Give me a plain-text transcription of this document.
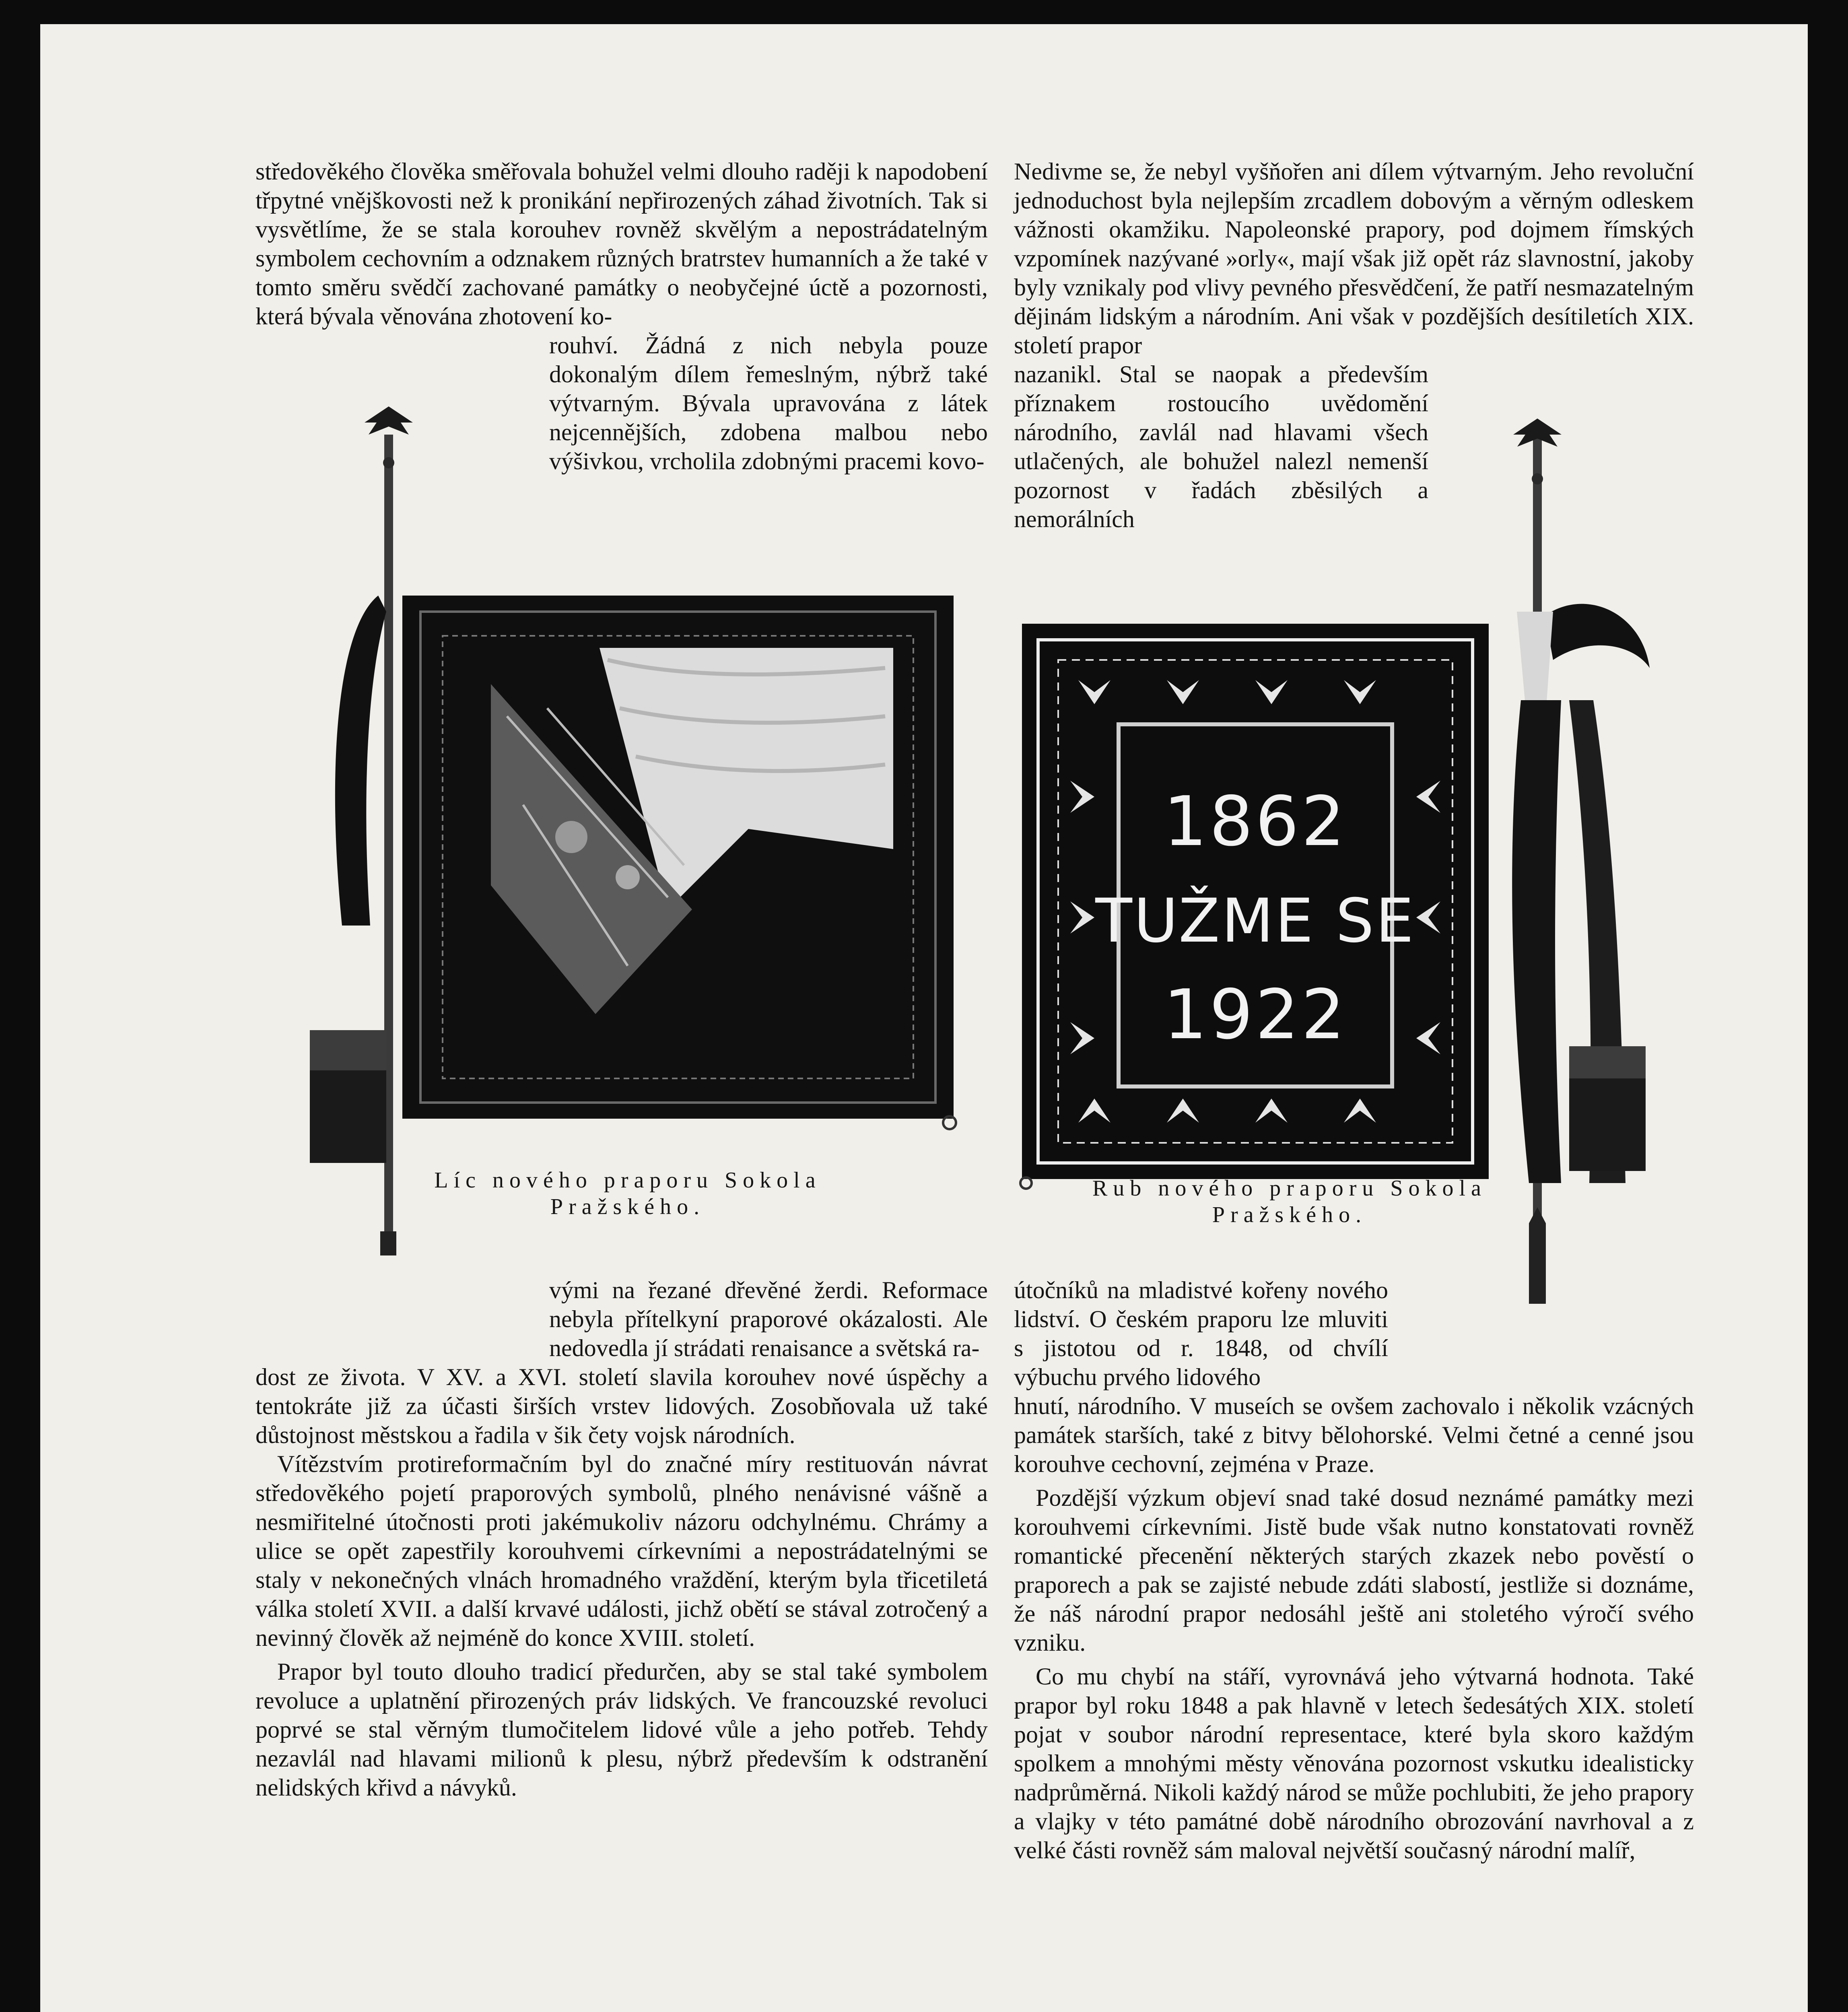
středověkého člověka směřovala bohužel velmi dlouho raději k napodobení třpytné vnějškovosti než k pronikání nepřirozených záhad životních. Tak si vysvětlíme, že se stala korouhev rovněž skvělým a nepostrádatelným symbolem cechovním a odznakem různých bratrstev humanních a že také v tomto směru svědčí zachované památky o neobyčejné úctě a pozornosti, která bývala věnována zhotovení ko-

rouhví. Žádná z nich nebyla pouze dokonalým dílem řemeslným, nýbrž také výtvarným. Bývala upravována z látek nejcennějších, zdobena malbou nebo výšivkou, vrcholila zdobnými pracemi kovo-

Nedivme se, že nebyl vyšňořen ani dílem výtvarným. Jeho revoluční jednoduchost byla nejlepším zrcadlem dobovým a věrným odleskem vážnosti okamžiku. Napoleonské prapory, pod dojmem římských vzpomínek nazývané »orly«, mají však již opět ráz slavnostní, jakoby byly vznikaly pod vlivy pevného přesvědčení, že patří nesmazatelným dějinám lidským a národním. Ani však v pozdějších desítiletích XIX. století prapor

nazanikl. Stal se naopak a především příznakem rostoucího uvědomění národního, zavlál nad hlavami všech utlačených, ale bohužel nalezl nemenší pozornost v řadách zběsilých a nemorálních

Líc nového praporu Sokola
Pražského.
1862
TUŽME SE
1922
Rub nového praporu Sokola
Pražského.

vými na řezané dřevěné žerdi. Reformace nebyla přítelkyní praporové okázalosti. Ale nedovedla jí strádati renaisance a světská ra-

dost ze života. V XV. a XVI. století slavila korouhev nové úspěchy a tentokráte již za účasti širších vrstev lidových. Zosobňovala už také důstojnost městskou a řadila v šik čety vojsk národních.

Vítězstvím protireformačním byl do značné míry restituován návrat středověkého pojetí praporových symbolů, plného nenávisné vášně a nesmiřitelné útočnosti proti jakémukoliv názoru odchylnému. Chrámy a ulice se opět zapestřily korouhvemi církevními a nepostrádatelnými se staly v nekonečných vlnách hromadného vraždění, kterým byla třicetiletá válka století XVII. a další krvavé události, jichž obětí se stával zotročený a nevinný člověk až nejméně do konce XVIII. století.

Prapor byl touto dlouho tradicí předurčen, aby se stal také symbolem revoluce a uplatnění přirozených práv lidských. Ve francouzské revoluci poprvé se stal věrným tlumočitelem lidové vůle a jeho potřeb. Tehdy nezavlál nad hlavami milionů k plesu, nýbrž především k odstranění nelidských křivd a návyků.

útočníků na mladistvé kořeny nového lidství. O českém praporu lze mluviti s jistotou od r. 1848, od chvílí výbuchu prvého lidového

hnutí, národního. V museích se ovšem zachovalo i několik vzácných památek starších, také z bitvy bělohorské. Velmi četné a cenné jsou korouhve cechovní, zejména v Praze.

Pozdější výzkum objeví snad také dosud neznámé památky mezi korouhvemi církevními. Jistě bude však nutno konstatovati rovněž romantické přecenění některých starých zkazek nebo pověstí o praporech a pak se zajisté nebude zdáti slabostí, jestliže si doznáme, že náš národní prapor nedosáhl ještě ani stoletého výročí svého vzniku.

Co mu chybí na stáří, vyrovnává jeho výtvarná hodnota. Také prapor byl roku 1848 a pak hlavně v letech šedesátých XIX. století pojat v soubor národní representace, které byla skoro každým spolkem a mnohými městy věnována pozornost vskutku idealisticky nadprůměrná. Nikoli každý národ se může pochlubiti, že jeho prapory a vlajky v této památné době národního obrozování navrhoval a z velké části rovněž sám maloval největší současný národní malíř,
